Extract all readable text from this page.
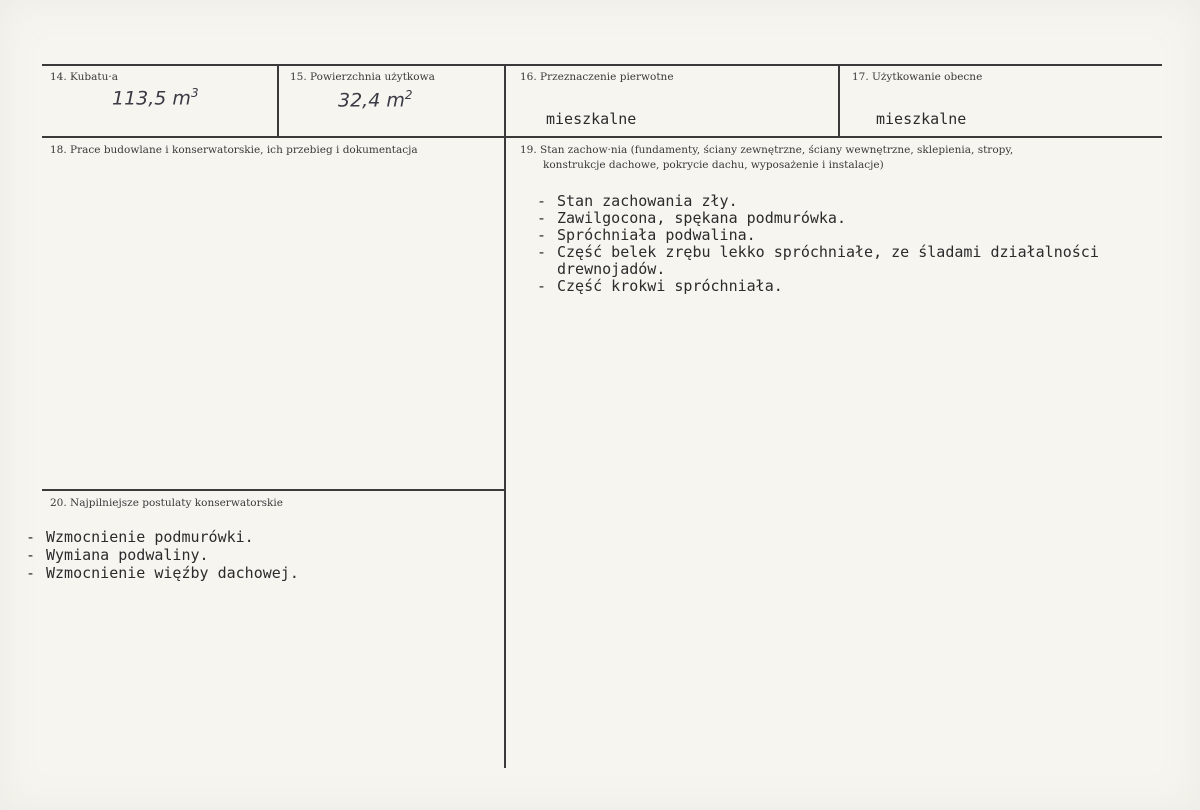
14. Kubatu·a
113,5 $m^3$
15. Powierzchnia użytkowa
32,4 $m^2$
16. Przeznaczenie pierwotne
mieszkalne
17. Użytkowanie obecne
mieszkalne
18. Prace budowlane i konserwatorskie, ich przebieg i dokumentacja	19. Stan zachow·nia (fundamenty, ściany zewnętrzne, ściany wewnętrzne, sklepienia, stropy,
konstrukcje dachowe, pokrycie dachu, wyposażenie i instalacje)
- Stan zachowania zły.
- Zawilgocona, spękana podmurówka.
- Spróchniała podwalina.
- Część belek zrębu lekko spróchniałe, ze śladami działalności
drewnojadów.
- Część krokwi spróchniała.
20. Najpilniejsze postulaty konserwatorskie
- Wzmocnienie podmurówki.
- Wymiana podwaliny.
- Wzmocnienie więźby dachowej.
